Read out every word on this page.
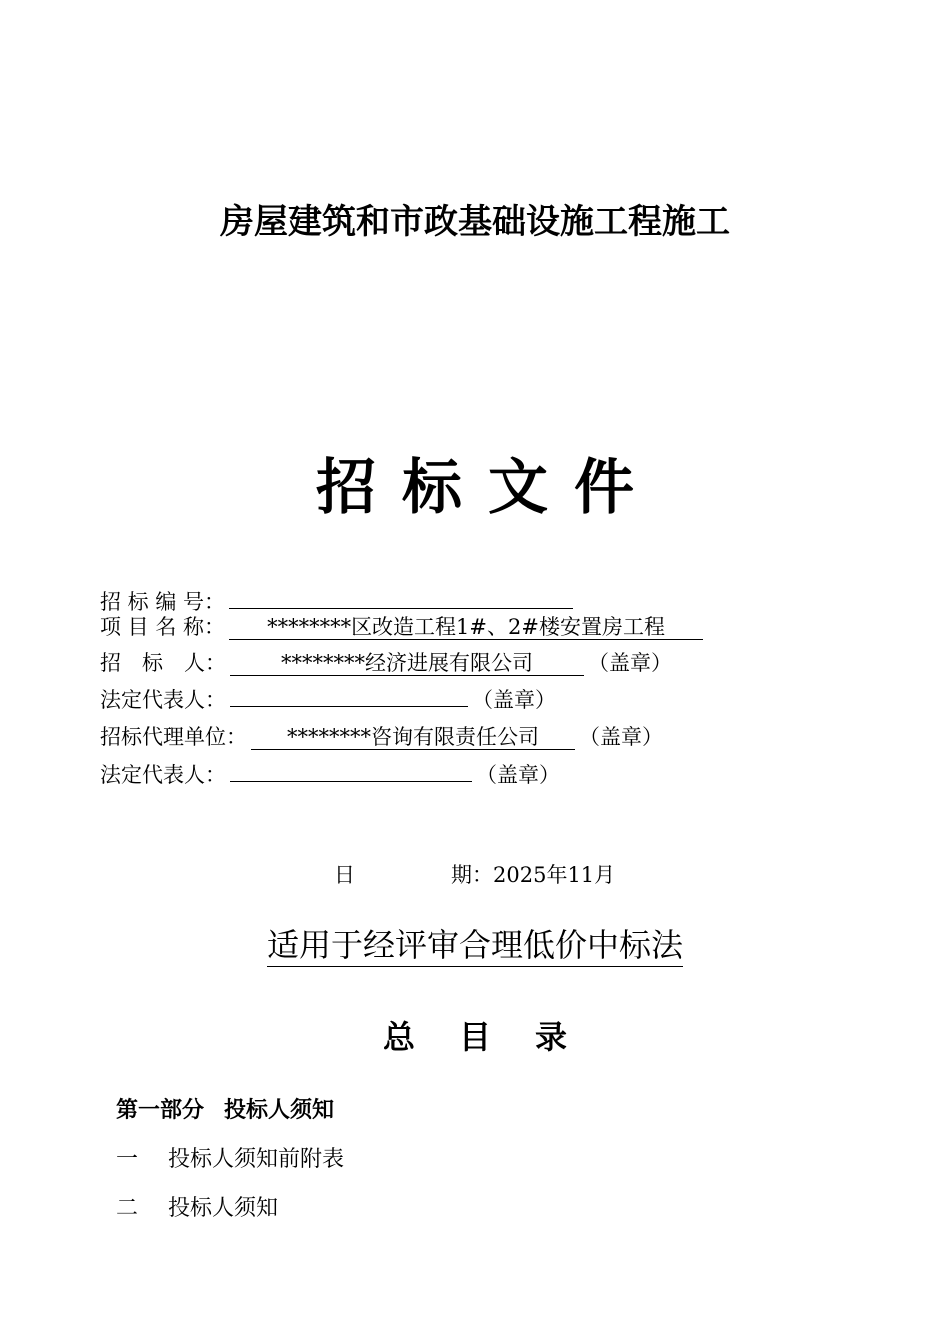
房屋建筑和市政基础设施工程施工
招标文件
招 标 编 号：
项 目 名 称：	********区改造工程1#、2#楼安置房工程
招　标　人：	********经济进展有限公司	（盖章）
法定代表人：	（盖章）
招标代理单位：	********咨询有限责任公司	（盖章）
法定代表人：	（盖章）
日	期：2025年11月
适用于经评审合理低价中标法
总目录
第一部分 投标人须知
一 投标人须知前附表
二 投标人须知
